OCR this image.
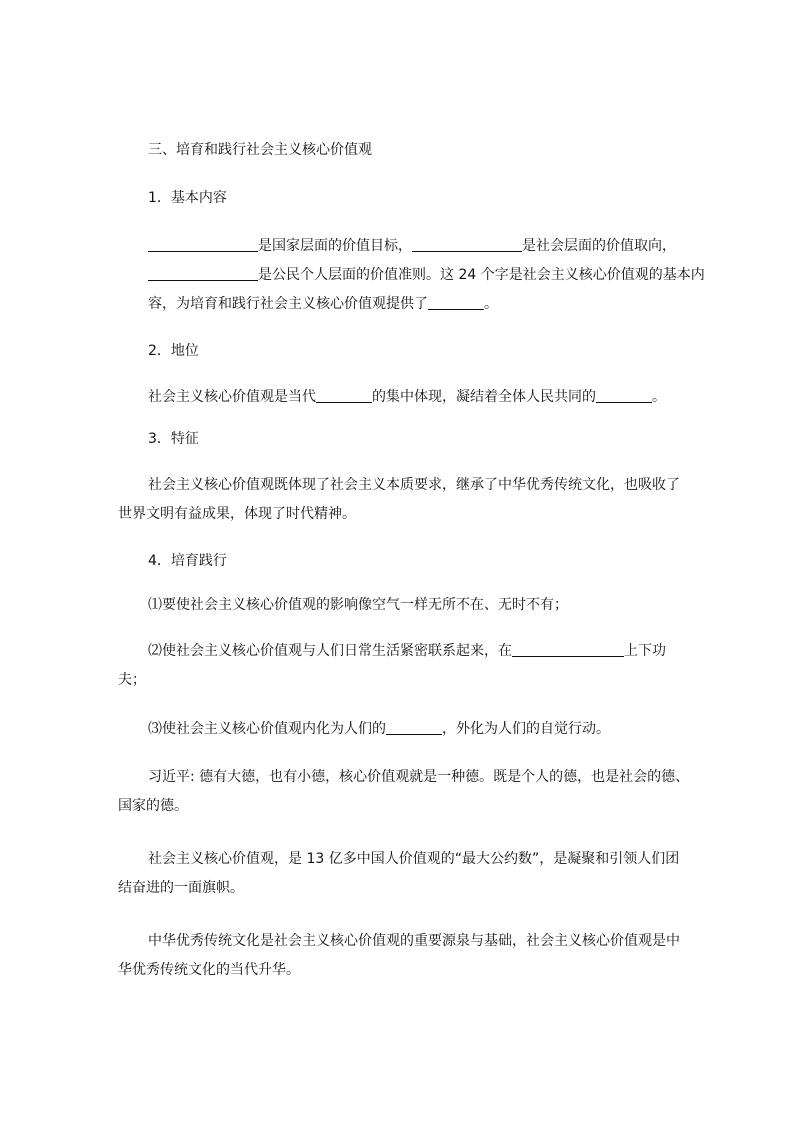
三、培育和践行社会主义核心价值观

1．基本内容

是国家层面的价值目标，	是社会层面的价值取向，
是公民个人层面的价值准则。这 24 个字是社会主义核心价值观的基本内
容，为培育和践行社会主义核心价值观提供了	。

2．地位

社会主义核心价值观是当代	的集中体现，凝结着全体人民共同的	。

3．特征

社会主义核心价值观既体现了社会主义本质要求，继承了中华优秀传统文化，也吸收了
世界文明有益成果，体现了时代精神。

4．培育践行

⑴要使社会主义核心价值观的影响像空气一样无所不在、无时不有；

⑵使社会主义核心价值观与人们日常生活紧密联系起来，在	上下功
夫；

⑶使社会主义核心价值观内化为人们的	，外化为人们的自觉行动。

习近平: 德有大德，也有小德，核心价值观就是一种德。既是个人的德，也是社会的德、
国家的德。
社会主义核心价值观，是 13 亿多中国人价值观的“最大公约数”，是凝聚和引领人们团
结奋进的一面旗帜。
中华优秀传统文化是社会主义核心价值观的重要源泉与基础，社会主义核心价值观是中
华优秀传统文化的当代升华。
